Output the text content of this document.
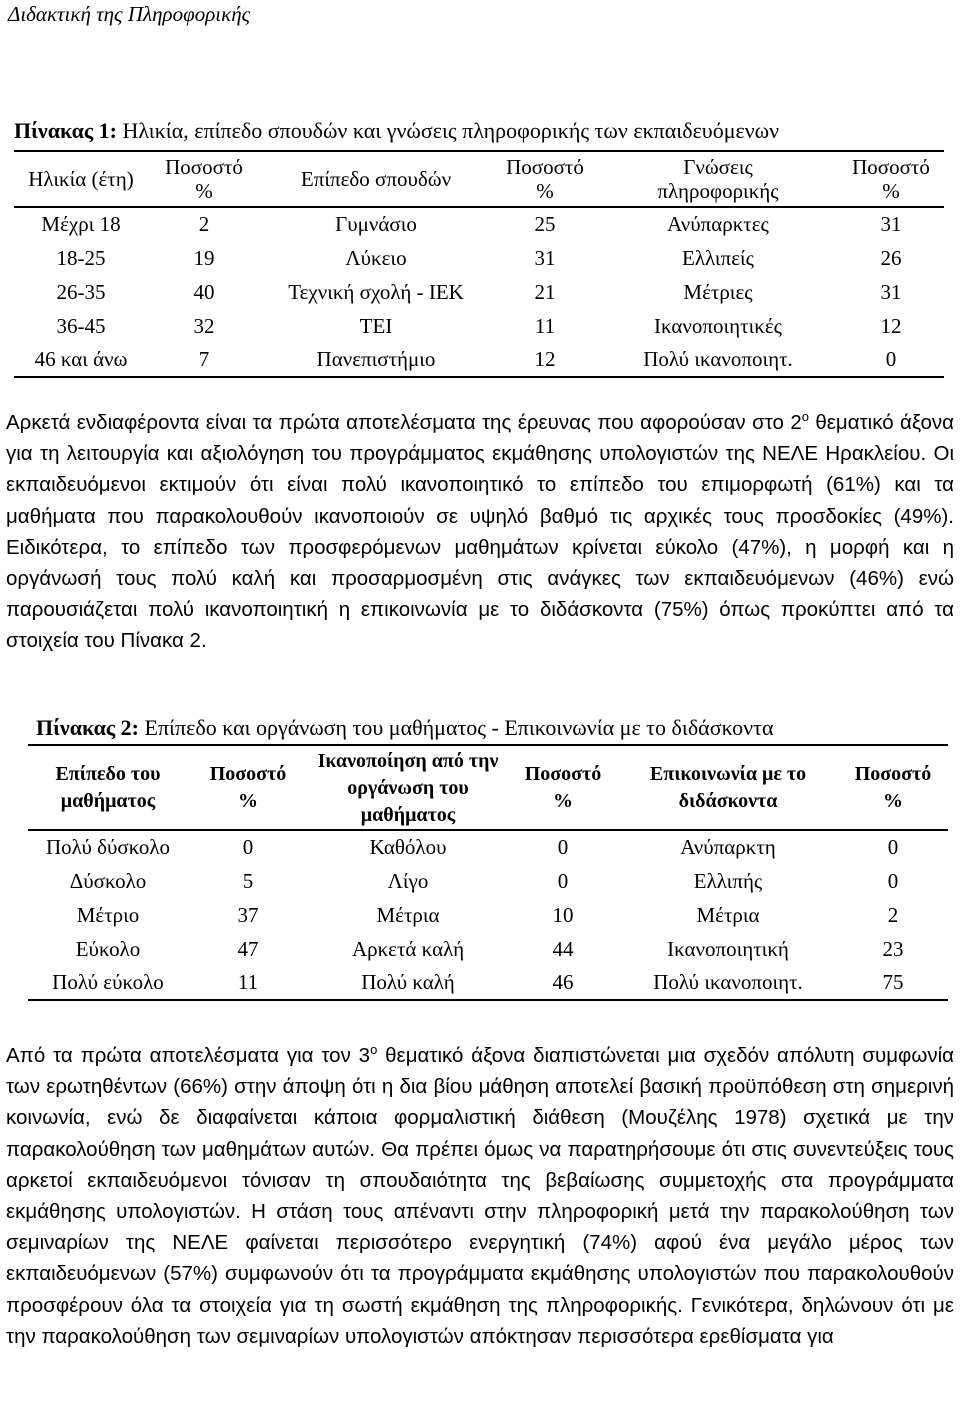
Διδακτική της Πληροφορικής
Πίνακας 1: Ηλικία, επίπεδο σπουδών και γνώσεις πληροφορικής των εκπαιδευόμενων
Ηλικία (έτη)	Ποσοστό %	Επίπεδο σπουδών	Ποσοστό %	Γνώσεις πληροφορικής	Ποσοστό %
Μέχρι 18	2	Γυμνάσιο	25	Ανύπαρκτες	31
18-25	19	Λύκειο	31	Ελλιπείς	26
26-35	40	Τεχνική σχολή - ΙΕΚ	21	Μέτριες	31
36-45	32	ΤΕΙ	11	Ικανοποιητικές	12
46 και άνω	7	Πανεπιστήμιο	12	Πολύ ικανοποιητ.	0

Αρκετά ενδιαφέροντα είναι τα πρώτα αποτελέσματα της έρευνας που αφορούσαν στο $2^o$ θεματικό άξονα για τη λειτουργία και αξιολόγηση του προγράμματος εκμάθησης υπολογιστών της ΝΕΛΕ Ηρακλείου. Οι εκπαιδευόμενοι εκτιμούν ότι είναι πολύ ικανοποιητικό το επίπεδο του επιμορφωτή (61%) και τα μαθήματα που παρακολουθούν ικανοποιούν σε υψηλό βαθμό τις αρχικές τους προσδοκίες (49%). Ειδικότερα, το επίπεδο των προσφερόμενων μαθημάτων κρίνεται εύκολο (47%), η μορφή και η οργάνωσή τους πολύ καλή και προσαρμοσμένη στις ανάγκες των εκπαιδευόμενων (46%) ενώ παρουσιάζεται πολύ ικανοποιητική η επικοινωνία με το διδάσκοντα (75%) όπως προκύπτει από τα στοιχεία του Πίνακα 2.

Πίνακας 2: Επίπεδο και οργάνωση του μαθήματος - Επικοινωνία με το διδάσκοντα
Επίπεδο του μαθήματος	Ποσοστό %	Ικανοποίηση από την οργάνωση του μαθήματος	Ποσοστό %	Επικοινωνία με το διδάσκοντα	Ποσοστό %
Πολύ δύσκολο	0	Καθόλου	0	Ανύπαρκτη	0
Δύσκολο	5	Λίγο	0	Ελλιπής	0
Μέτριο	37	Μέτρια	10	Μέτρια	2
Εύκολο	47	Αρκετά καλή	44	Ικανοποιητική	23
Πολύ εύκολο	11	Πολύ καλή	46	Πολύ ικανοποιητ.	75

Από τα πρώτα αποτελέσματα για τον $3^o$ θεματικό άξονα διαπιστώνεται μια σχεδόν απόλυτη συμφωνία των ερωτηθέντων (66%) στην άποψη ότι η δια βίου μάθηση αποτελεί βασική προϋπόθεση στη σημερινή κοινωνία, ενώ δε διαφαίνεται κάποια φορμαλιστική διάθεση (Μουζέλης 1978) σχετικά με την παρακολούθηση των μαθημάτων αυτών. Θα πρέπει όμως να παρατηρήσουμε ότι στις συνεντεύξεις τους αρκετοί εκπαιδευόμενοι τόνισαν τη σπουδαιότητα της βεβαίωσης συμμετοχής στα προγράμματα εκμάθησης υπολογιστών. Η στάση τους απέναντι στην πληροφορική μετά την παρακολούθηση των σεμιναρίων της ΝΕΛΕ φαίνεται περισσότερο ενεργητική (74%) αφού ένα μεγάλο μέρος των εκπαιδευόμενων (57%) συμφωνούν ότι τα προγράμματα εκμάθησης υπολογιστών που παρακολουθούν προσφέρουν όλα τα στοιχεία για τη σωστή εκμάθηση της πληροφορικής. Γενικότερα, δηλώνουν ότι με την παρακολούθηση των σεμιναρίων υπολογιστών απόκτησαν περισσότερα ερεθίσματα για
